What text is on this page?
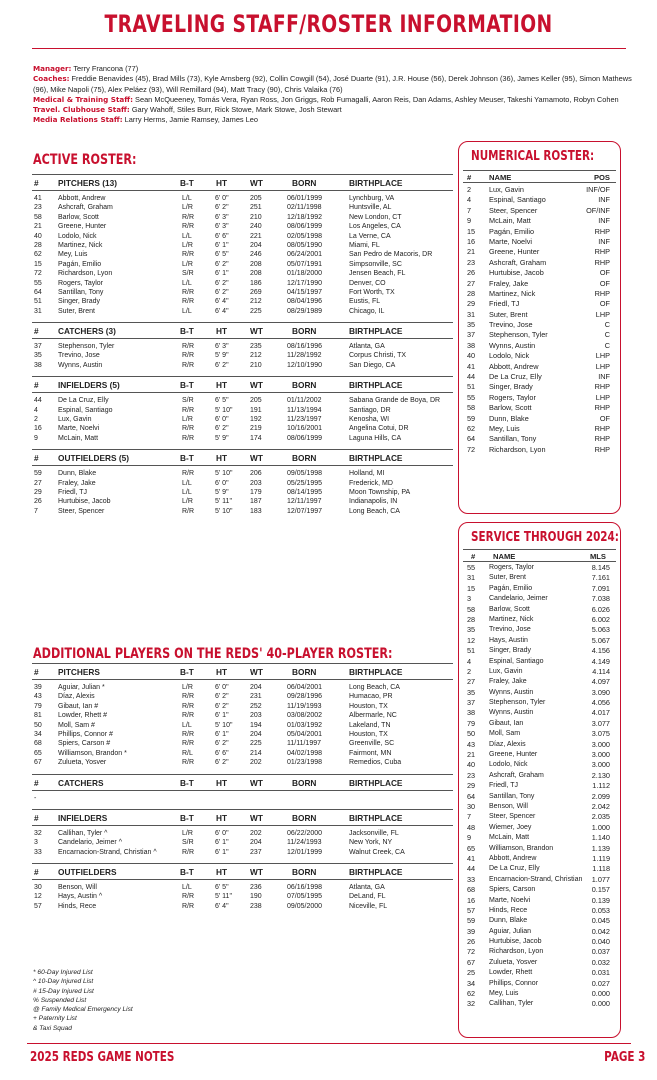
TRAVELING STAFF/ROSTER INFORMATION
Manager: Terry Francona (77)
Coaches: Freddie Benavides (45), Brad Mills (73), Kyle Arnsberg (92), Collin Cowgill (54), José Duarte (91), J.R. House (56), Derek Johnson (36), James Keller (95), Simon Mathews (96), Mike Napoli (75), Alex Peláez (93), Will Remillard (94), Matt Tracy (90), Chris Valaika (76)
Medical & Training Staff: Sean McQueeney, Tomás Vera, Ryan Ross, Jon Griggs, Rob Fumagalli, Aaron Reis, Dan Adams, Ashley Meuser, Takeshi Yamamoto, Robyn Cohen
Travel. Clubhouse Staff: Gary Wahoff, Stiles Burr, Rick Stowe, Mark Stowe, Josh Stewart
Media Relations Staff: Larry Herms, Jamie Ramsey, James Leo
ACTIVE ROSTER:
# PITCHERS (13)	B-T	HT	WT	BORN	BIRTHPLACE
41 Abbott, Andrew	L/L	6' 0"	205	06/01/1999	Lynchburg, VA
23 Ashcraft, Graham	L/R	6' 2"	251	02/11/1998	Huntsville, AL
58 Barlow, Scott	R/R	6' 3"	210	12/18/1992	New London, CT
21 Greene, Hunter	R/R	6' 3"	240	08/06/1999	Los Angeles, CA
40 Lodolo, Nick	L/L	6' 6"	221	02/05/1998	La Verne, CA
28 Martinez, Nick	L/R	6' 1"	204	08/05/1990	Miami, FL
62 Mey, Luis	R/R	6' 5"	246	06/24/2001	San Pedro de Macoris, DR
15 Pagán, Emilio	L/R	6' 2"	208	05/07/1991	Simpsonville, SC
72 Richardson, Lyon	S/R	6' 1"	208	01/18/2000	Jensen Beach, FL
55 Rogers, Taylor	L/L	6' 2"	186	12/17/1990	Denver, CO
64 Santillan, Tony	R/R	6' 2"	269	04/15/1997	Fort Worth, TX
51 Singer, Brady	R/R	6' 4"	212	08/04/1996	Eustis, FL
31 Suter, Brent	L/L	6' 4"	225	08/29/1989	Chicago, IL
# CATCHERS (3)	B-T	HT	WT	BORN	BIRTHPLACE
37 Stephenson, Tyler	R/R	6' 3"	235	08/16/1996	Atlanta, GA
35 Trevino, Jose	R/R	5' 9"	212	11/28/1992	Corpus Christi, TX
38 Wynns, Austin	R/R	6' 2"	210	12/10/1990	San Diego, CA
# INFIELDERS (5)	B-T	HT	WT	BORN	BIRTHPLACE
44 De La Cruz, Elly	S/R	6' 5"	205	01/11/2002	Sabana Grande de Boya, DR
4	Espinal, Santiago	R/R	5' 10"	191	11/13/1994	Santiago, DR
2	Lux, Gavin	L/R	6' 0"	192	11/23/1997	Kenosha, WI
16 Marte, Noelvi	R/R	6' 2"	219	10/16/2001	Angelina Cotui, DR
9	McLain, Matt	R/R	5' 9"	174	08/06/1999	Laguna Hills, CA
# OUTFIELDERS (5)	B-T	HT	WT	BORN	BIRTHPLACE
59 Dunn, Blake	R/R	5' 10"	206	09/05/1998	Holland, MI
27 Fraley, Jake	L/L	6' 0"	203	05/25/1995	Frederick, MD
29 Friedl, TJ	L/L	5' 9"	179	08/14/1995	Moon Township, PA
26 Hurtubise, Jacob	L/R	5' 11"	187	12/11/1997	Indianapolis, IN
7	Steer, Spencer	R/R	5' 10"	183	12/07/1997	Long Beach, CA
ADDITIONAL PLAYERS ON THE REDS' 40-PLAYER ROSTER:
# PITCHERS	B-T	HT	WT	BORN	BIRTHPLACE
39 Aguiar, Julian *	L/R	6' 0"	204	06/04/2001	Long Beach, CA
43 Díaz, Alexis	R/R	6' 2"	231	09/28/1996	Humacao, PR
79 Gibaut, Ian #	R/R	6' 2"	252	11/19/1993	Houston, TX
81 Lowder, Rhett #	R/R	6' 1"	203	03/08/2002	Albermarle, NC
50 Moll, Sam #	L/L	5' 10"	194	01/03/1992	Lakeland, TN
34 Phillips, Connor #	R/R	6' 1"	204	05/04/2001	Houston, TX
68 Spiers, Carson #	R/R	6' 2"	225	11/11/1997	Greenville, SC
65 Williamson, Brandon *	R/L	6' 6"	214	04/02/1998	Fairmont, MN
67 Zulueta, Yosver	R/R	6' 2"	202	01/23/1998	Remedios, Cuba
# CATCHERS	B-T	HT	WT	BORN	BIRTHPLACE
-
# INFIELDERS	B-T	HT	WT	BORN	BIRTHPLACE
32 Callihan, Tyler ^	L/R	6' 0"	202	06/22/2000	Jacksonville, FL
3	Candelario, Jeimer ^	S/R	6' 1"	204	11/24/1993	New York, NY
33 Encarnacion-Strand, Christian ^	R/R	6' 1"	237	12/01/1999	Walnut Creek, CA
# OUTFIELDERS	B-T	HT	WT	BORN	BIRTHPLACE
30 Benson, Will	L/L	6' 5"	236	06/16/1998	Atlanta, GA
12 Hays, Austin ^	R/R	5' 11"	190	07/05/1995	DeLand, FL
57 Hinds, Rece	R/R	6' 4"	238	09/05/2000	Niceville, FL
* 60-Day Injured List
^ 10-Day Injured List
# 15-Day Injured List
% Suspended List
@ Family Medical Emergency List
+ Paternity List
& Taxi Squad
NUMERICAL ROSTER:
# NAME	POS
2 Lux, Gavin	INF/OF
4 Espinal, Santiago	INF
7 Steer, Spencer	OF/INF
9 McLain, Matt	INF
15 Pagán, Emilio	RHP
16 Marte, Noelvi	INF
21 Greene, Hunter	RHP
23 Ashcraft, Graham	RHP
26 Hurtubise, Jacob	OF
27 Fraley, Jake	OF
28 Martinez, Nick	RHP
29 Friedl, TJ	OF
31 Suter, Brent	LHP
35 Trevino, Jose	C
37 Stephenson, Tyler	C
38 Wynns, Austin	C
40 Lodolo, Nick	LHP
41 Abbott, Andrew	LHP
44 De La Cruz, Elly	INF
51 Singer, Brady	RHP
55 Rogers, Taylor	LHP
58 Barlow, Scott	RHP
59 Dunn, Blake	OF
62 Mey, Luis	RHP
64 Santillan, Tony	RHP
72 Richardson, Lyon	RHP
SERVICE THROUGH 2024:
# NAME	MLS
55 Rogers, Taylor	8.145
31 Suter, Brent	7.161
15 Pagán, Emilio	7.091
3	Candelario, Jeimer	7.038
58 Barlow, Scott	6.026
28 Martinez, Nick	6.002
35 Trevino, Jose	5.063
12 Hays, Austin	5.067
51 Singer, Brady	4.156
4	Espinal, Santiago	4.149
2	Lux, Gavin	4.114
27 Fraley, Jake	4.097
35 Wynns, Austin	3.090
37 Stephenson, Tyler	4.056
38 Wynns, Austin	4.017
79 Gibaut, Ian	3.077
50 Moll, Sam	3.075
43 Díaz, Alexis	3.000
21 Greene, Hunter	3.000
40 Lodolo, Nick	3.000
23 Ashcraft, Graham	2.130
29 Friedl, TJ	1.112
64 Santillan, Tony	2.099
30 Benson, Will	2.042
7	Steer, Spencer	2.035
48 Wiemer, Joey	1.000
9	McLain, Matt	1.140
65 Williamson, Brandon	1.139
41 Abbott, Andrew	1.119
44 De La Cruz, Elly	1.118
33 Encarnacion-Strand, Christian 1.077
68 Spiers, Carson	0.157
16 Marte, Noelvi	0.139
57 Hinds, Rece	0.053
59 Dunn, Blake	0.045
39 Aguiar, Julian	0.042
26 Hurtubise, Jacob	0.040
72 Richardson, Lyon	0.037
67 Zulueta, Yosver	0.032
25 Lowder, Rhett	0.031
34 Phillips, Connor	0.027
62 Mey, Luis	0.000
32 Callihan, Tyler	0.000
2025 REDS GAME NOTES	PAGE 3
